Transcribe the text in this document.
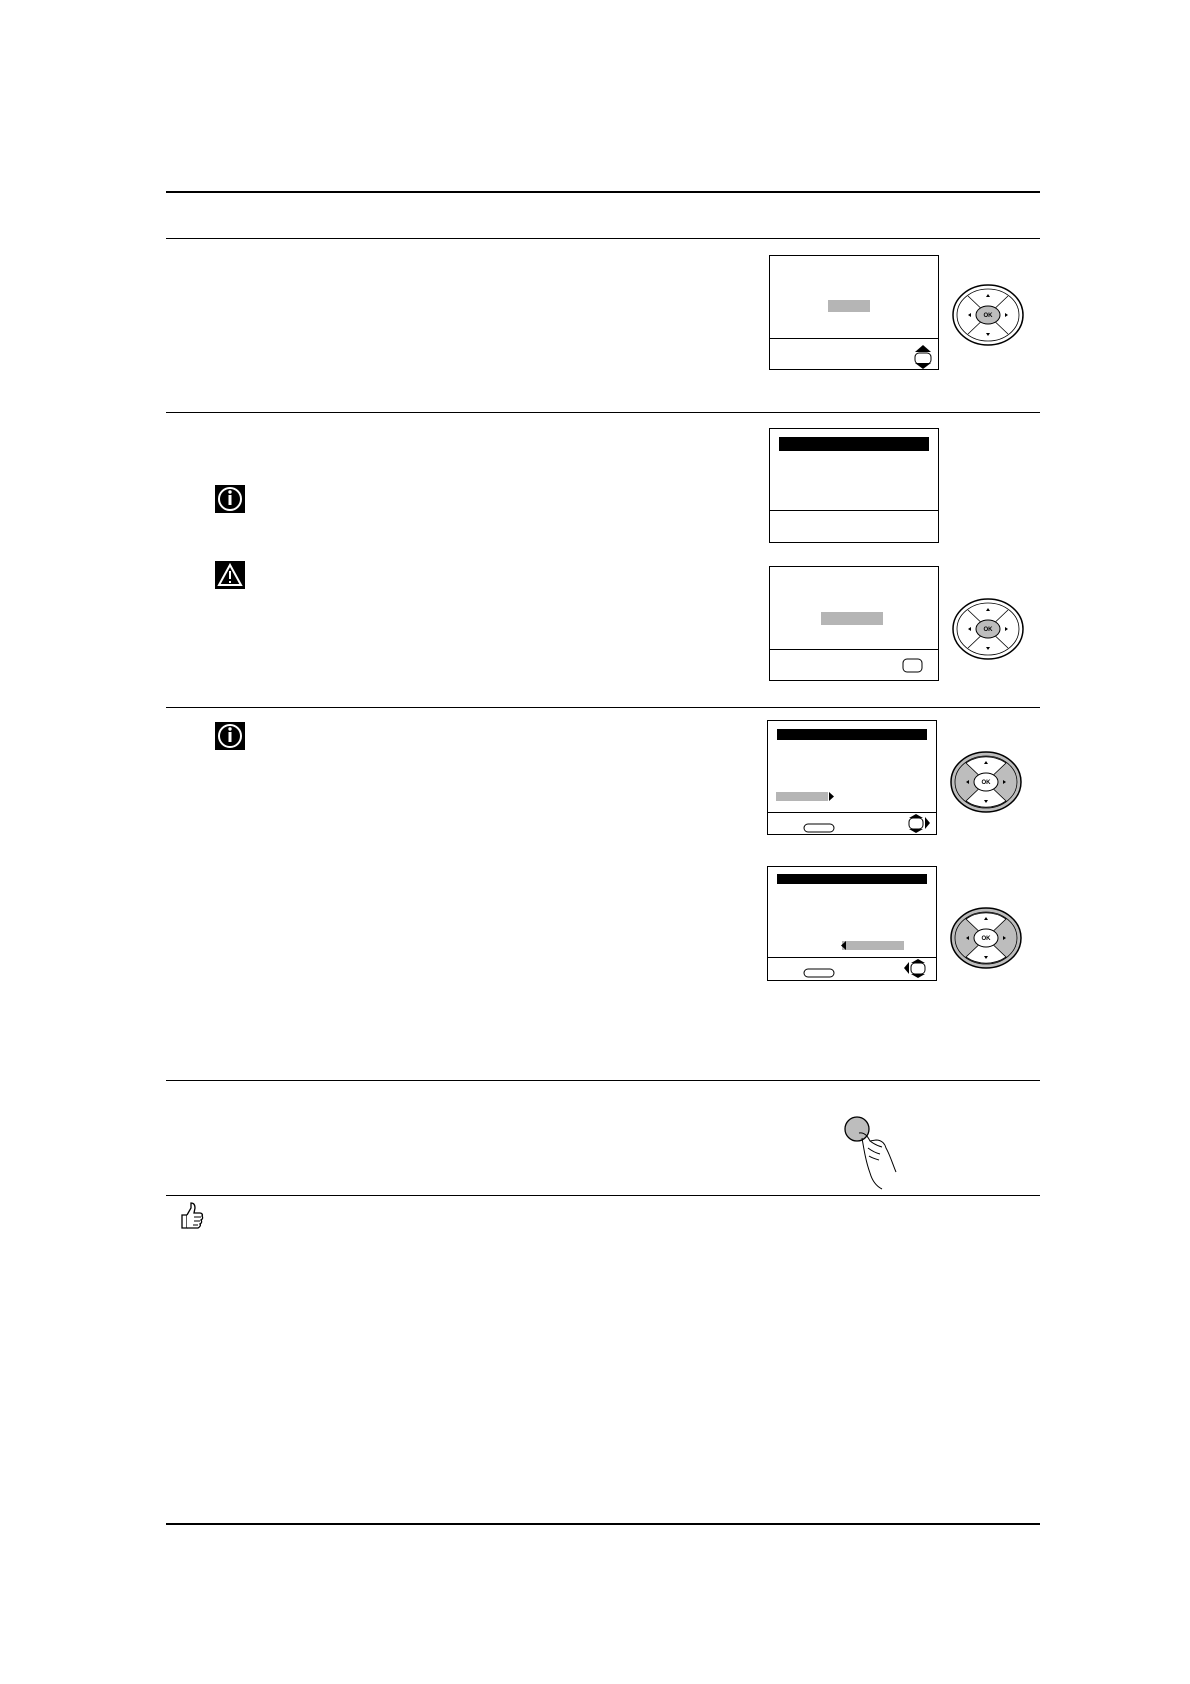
OK
OK
OK
OK
